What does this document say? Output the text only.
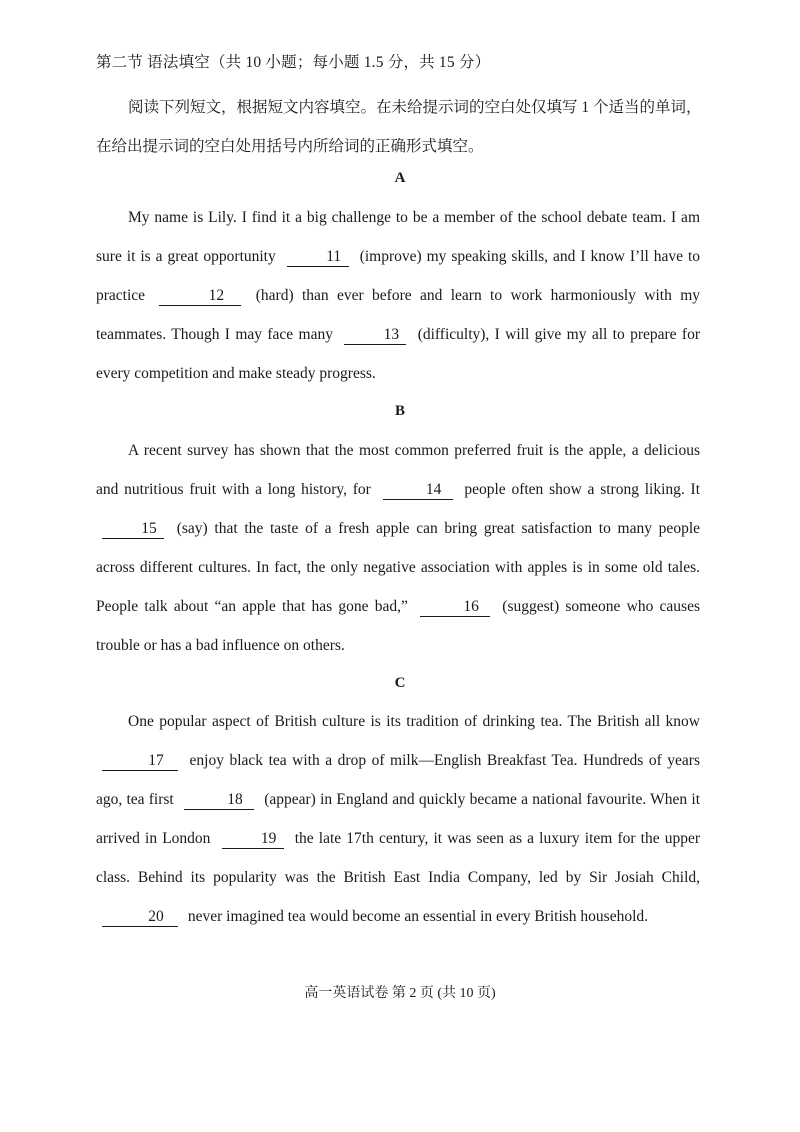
第二节 语法填空（共 10 小题；每小题 1.5 分，共 15 分）

阅读下列短文，根据短文内容填空。在未给提示词的空白处仅填写 1 个适当的单词，在给出提示词的空白处用括号内所给词的正确形式填空。

A

My name is Lily. I find it a big challenge to be a member of the school debate team. I am sure it is a great opportunity	11 (improve) my speaking skills, and I know I’ll have to practice	12 (hard) than ever before and learn to work harmoniously with my teammates. Though I may face many	13 (difficulty), I will give my all to prepare for every competition and make steady progress.

B

A recent survey has shown that the most common preferred fruit is the apple, a delicious and nutritious fruit with a long history, for	14 people often show a strong liking. It 15 (say) that the taste of a fresh apple can bring great satisfaction to many people across different cultures. In fact, the only negative association with apples is in some old tales. People talk about “an apple that has gone bad,”	16 (suggest) someone who causes trouble or has a bad influence on others.

C

One popular aspect of British culture is its tradition of drinking tea. The British all know 17 enjoy black tea with a drop of milk—English Breakfast Tea. Hundreds of years ago, tea first	18 (appear) in England and quickly became a national favourite. When it arrived in London	19 the late 17th century, it was seen as a luxury item for the upper class. Behind its popularity was the British East India Company, led by Sir Josiah Child, 20 never imagined tea would become an essential in every British household.

高一英语试卷 第 2 页 (共 10 页)
